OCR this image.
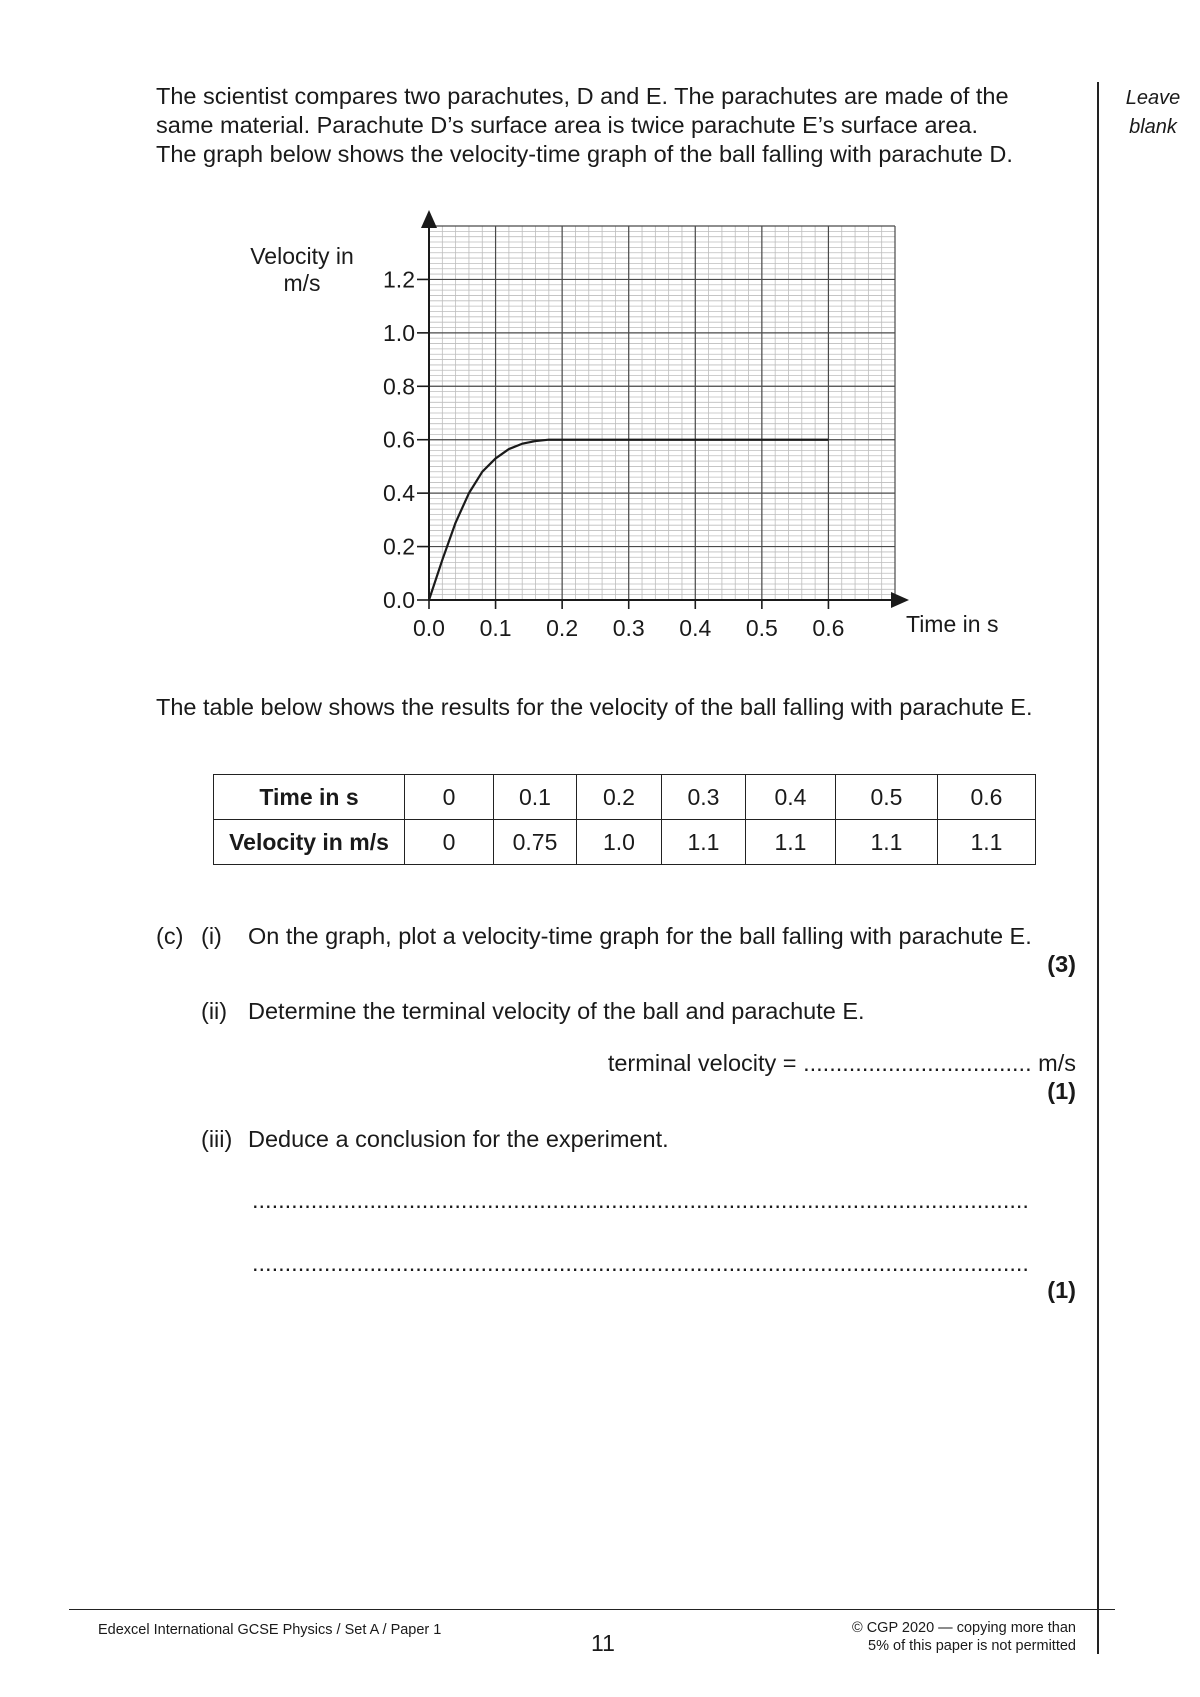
The scientist compares two parachutes, D and E. The parachutes are made of the
same material. Parachute D’s surface area is twice parachute E’s surface area.
The graph below shows the velocity-time graph of the ball falling with parachute D.
Leave
blank
0.0 0.1 0.2 0.3 0.4 0.5 0.6
0.0
0.2
0.4
0.6
0.8
1.0
1.2
Velocity in
m/s
Time in s
The table below shows the results for the velocity of the ball falling with parachute E.
Time in s	0	0.1	0.2	0.3	0.4	0.5	0.6
Velocity in m/s	0	0.75	1.0	1.1	1.1	1.1	1.1
(c) (i) On the graph, plot a velocity-time graph for the ball falling with parachute E.
(3)
(ii) Determine the terminal velocity of the ball and parachute E.
terminal velocity = ................................... m/s
(1)
(iii) Deduce a conclusion for the experiment.
.......................................................................................................................
.......................................................................................................................
(1)
Edexcel International GCSE Physics / Set A / Paper 1	11
© CGP 2020 — copying more than
5% of this paper is not permitted
